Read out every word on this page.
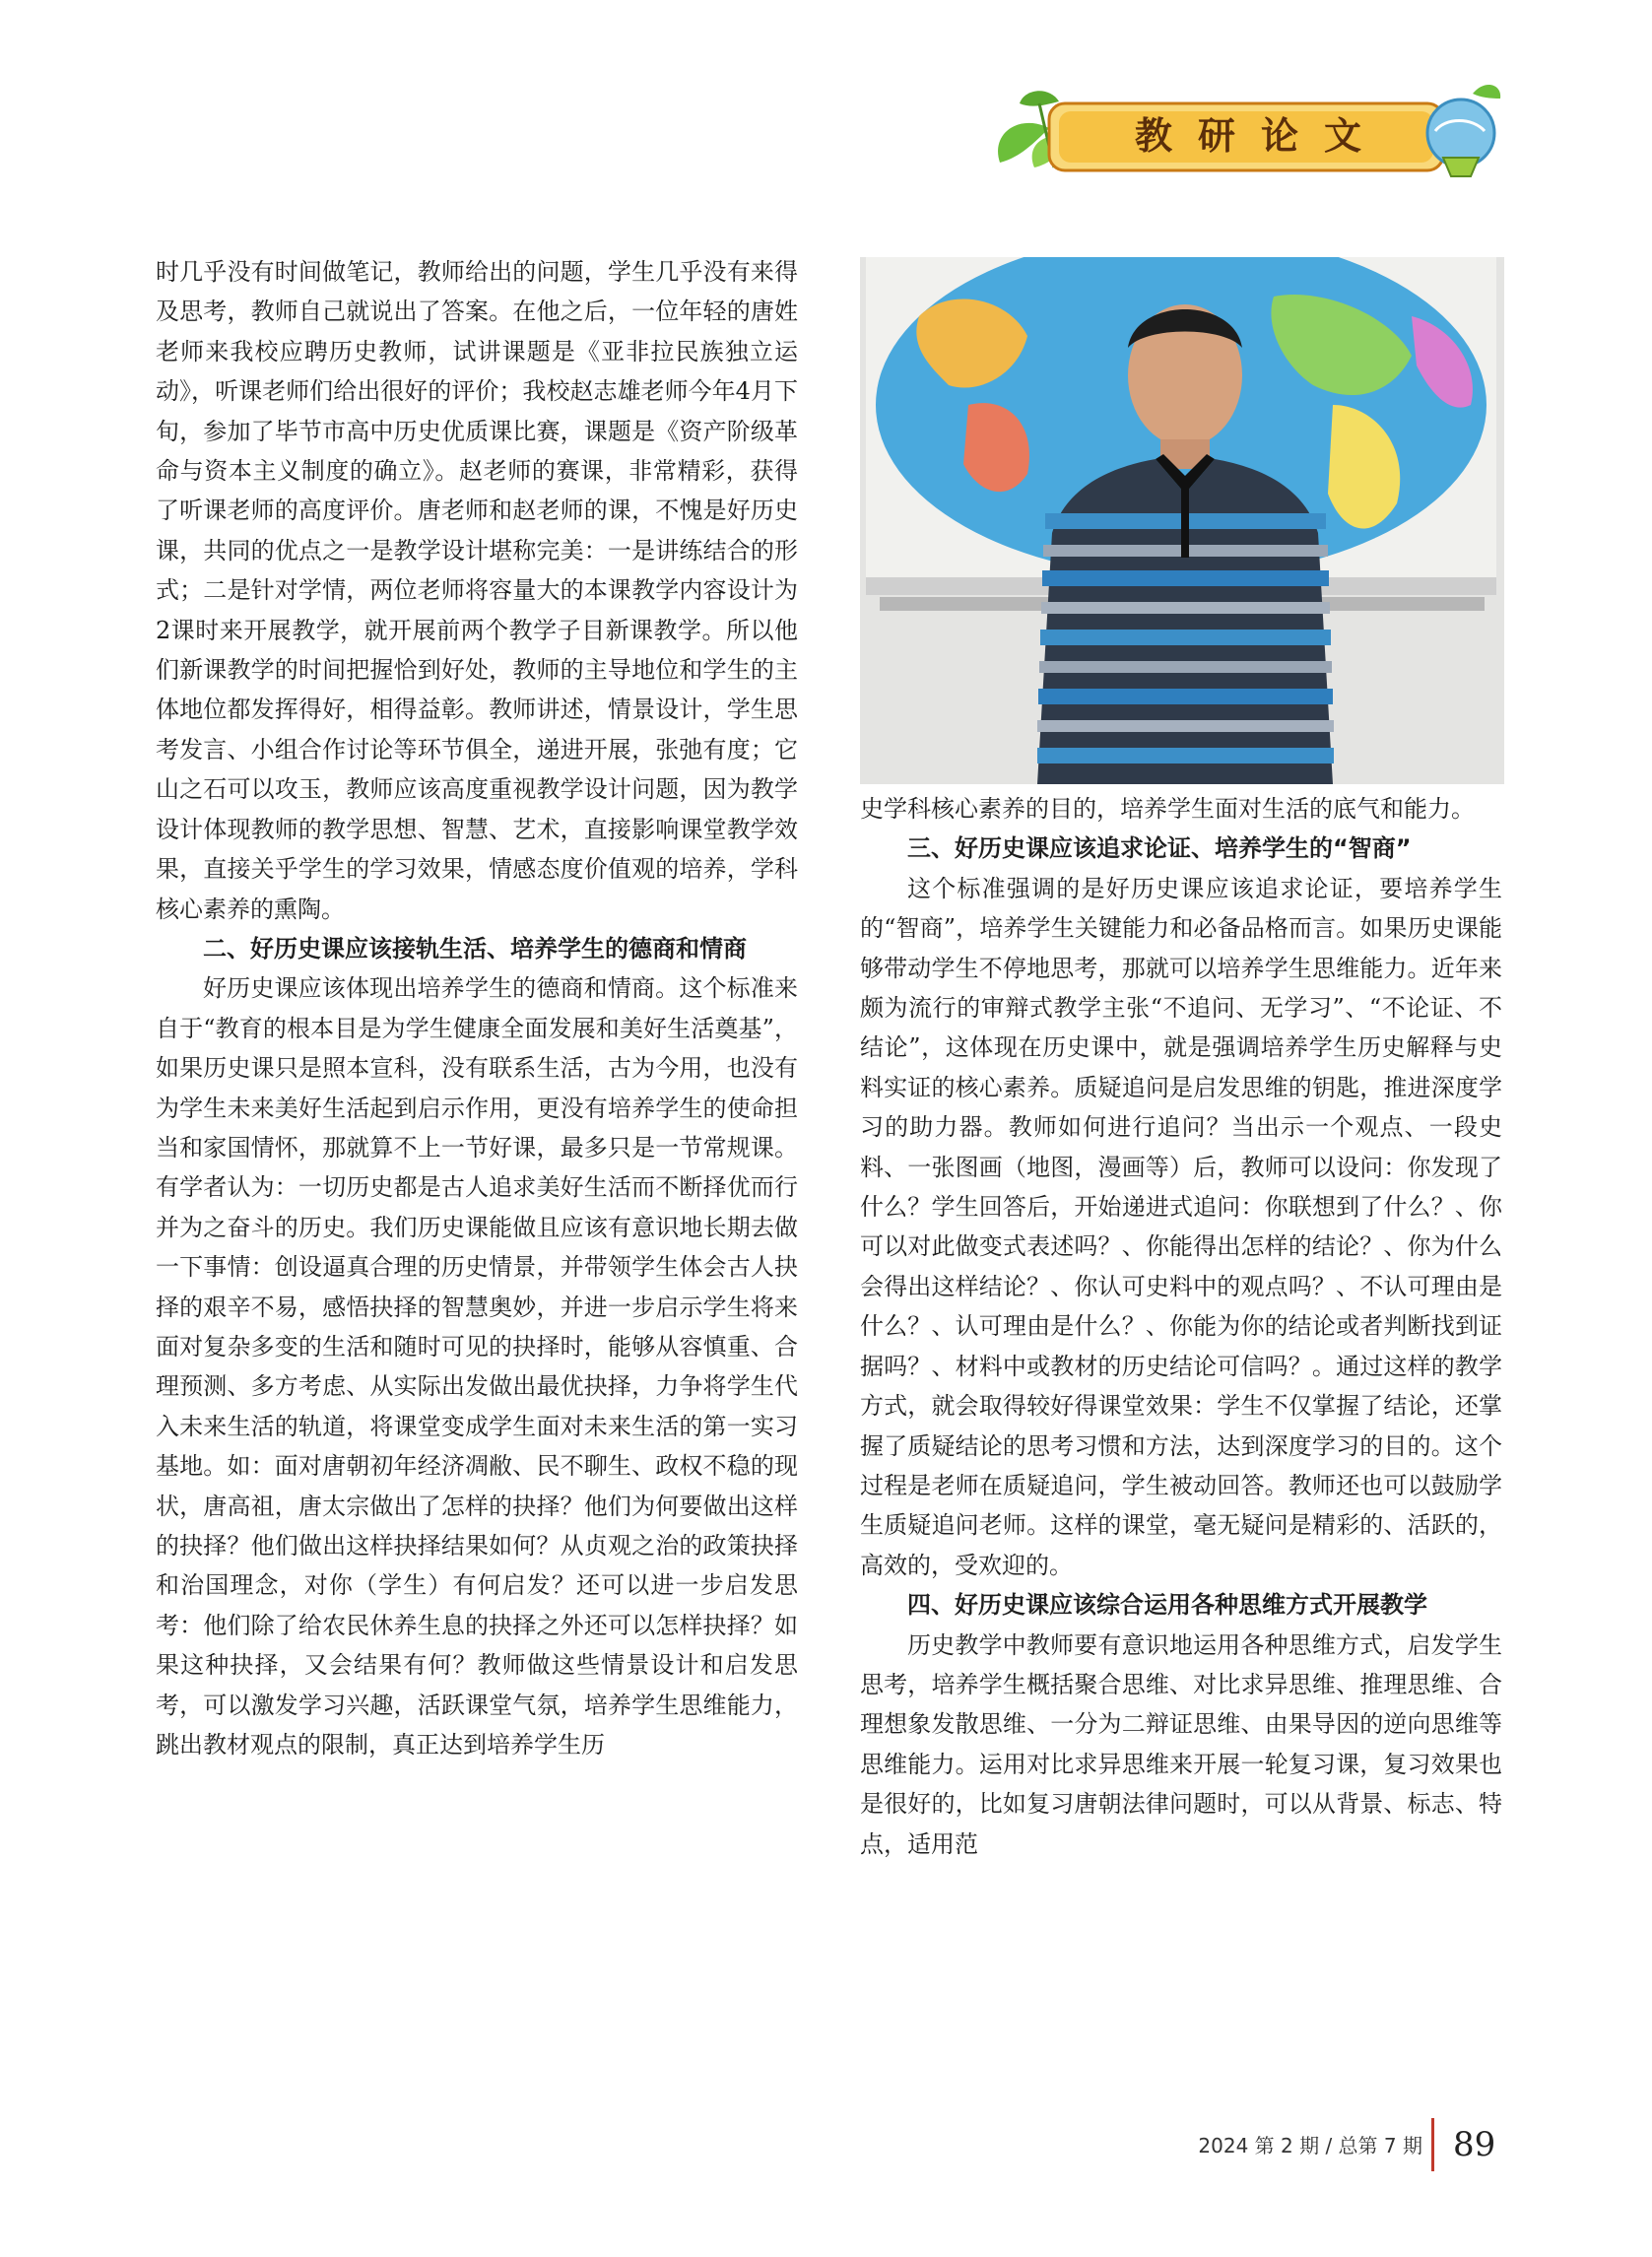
教研论文

时几乎没有时间做笔记，教师给出的问题，学生几乎没有来得及思考，教师自己就说出了答案。在他之后，一位年轻的唐姓老师来我校应聘历史教师，试讲课题是《亚非拉民族独立运动》，听课老师们给出很好的评价；我校赵志雄老师今年4月下旬，参加了毕节市高中历史优质课比赛，课题是《资产阶级革命与资本主义制度的确立》。赵老师的赛课，非常精彩，获得了听课老师的高度评价。唐老师和赵老师的课，不愧是好历史课，共同的优点之一是教学设计堪称完美：一是讲练结合的形式；二是针对学情，两位老师将容量大的本课教学内容设计为2课时来开展教学，就开展前两个教学子目新课教学。所以他们新课教学的时间把握恰到好处，教师的主导地位和学生的主体地位都发挥得好，相得益彰。教师讲述，情景设计，学生思考发言、小组合作讨论等环节俱全，递进开展，张弛有度；它山之石可以攻玉，教师应该高度重视教学设计问题，因为教学设计体现教师的教学思想、智慧、艺术，直接影响课堂教学效果，直接关乎学生的学习效果，情感态度价值观的培养，学科核心素养的熏陶。

二、好历史课应该接轨生活、培养学生的德商和情商

好历史课应该体现出培养学生的德商和情商。这个标准来自于“教育的根本目是为学生健康全面发展和美好生活奠基”，如果历史课只是照本宣科，没有联系生活，古为今用，也没有为学生未来美好生活起到启示作用，更没有培养学生的使命担当和家国情怀，那就算不上一节好课，最多只是一节常规课。有学者认为：一切历史都是古人追求美好生活而不断择优而行并为之奋斗的历史。我们历史课能做且应该有意识地长期去做一下事情：创设逼真合理的历史情景，并带领学生体会古人抉择的艰辛不易，感悟抉择的智慧奥妙，并进一步启示学生将来面对复杂多变的生活和随时可见的抉择时，能够从容慎重、合理预测、多方考虑、从实际出发做出最优抉择，力争将学生代入未来生活的轨道，将课堂变成学生面对未来生活的第一实习基地。如：面对唐朝初年经济凋敝、民不聊生、政权不稳的现状，唐高祖，唐太宗做出了怎样的抉择？他们为何要做出这样的抉择？他们做出这样抉择结果如何？从贞观之治的政策抉择和治国理念，对你（学生）有何启发？还可以进一步启发思考：他们除了给农民休养生息的抉择之外还可以怎样抉择？如果这种抉择，又会结果有何？教师做这些情景设计和启发思考，可以激发学习兴趣，活跃课堂气氛，培养学生思维能力，跳出教材观点的限制，真正达到培养学生历

史学科核心素养的目的，培养学生面对生活的底气和能力。

三、好历史课应该追求论证、培养学生的“智商”

这个标准强调的是好历史课应该追求论证，要培养学生的“智商”，培养学生关键能力和必备品格而言。如果历史课能够带动学生不停地思考，那就可以培养学生思维能力。近年来颇为流行的审辩式教学主张“不追问、无学习”、“不论证、不结论”，这体现在历史课中，就是强调培养学生历史解释与史料实证的核心素养。质疑追问是启发思维的钥匙，推进深度学习的助力器。教师如何进行追问？当出示一个观点、一段史料、一张图画（地图，漫画等）后，教师可以设问：你发现了什么？学生回答后，开始递进式追问：你联想到了什么？、你可以对此做变式表述吗？、你能得出怎样的结论？、你为什么会得出这样结论？、你认可史料中的观点吗？、不认可理由是什么？、认可理由是什么？、你能为你的结论或者判断找到证据吗？、材料中或教材的历史结论可信吗？。通过这样的教学方式，就会取得较好得课堂效果：学生不仅掌握了结论，还掌握了质疑结论的思考习惯和方法，达到深度学习的目的。这个过程是老师在质疑追问，学生被动回答。教师还也可以鼓励学生质疑追问老师。这样的课堂，毫无疑问是精彩的、活跃的，高效的，受欢迎的。

四、好历史课应该综合运用各种思维方式开展教学

历史教学中教师要有意识地运用各种思维方式，启发学生思考，培养学生概括聚合思维、对比求异思维、推理思维、合理想象发散思维、一分为二辩证思维、由果导因的逆向思维等思维能力。运用对比求异思维来开展一轮复习课，复习效果也是很好的，比如复习唐朝法律问题时，可以从背景、标志、特点，适用范

2024 第 2 期 / 总第 7 期 89
